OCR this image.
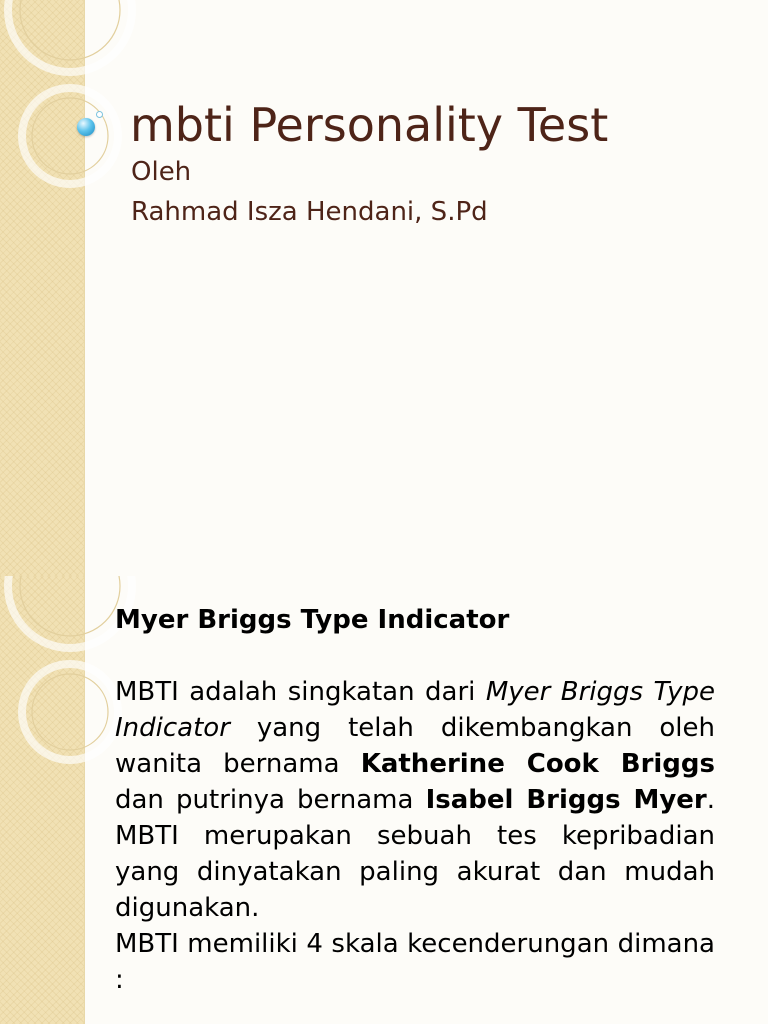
mbti Personality Test

Oleh

Rahmad Isza Hendani, S.Pd

Myer Briggs Type Indicator

MBTI adalah singkatan dari Myer Briggs Type Indicator yang telah dikembangkan oleh wanita bernama Katherine Cook Briggs dan putrinya bernama Isabel Briggs Myer. MBTI merupakan sebuah tes kepribadian yang dinyatakan paling akurat dan mudah digunakan.

MBTI memiliki 4 skala kecenderungan dimana :
